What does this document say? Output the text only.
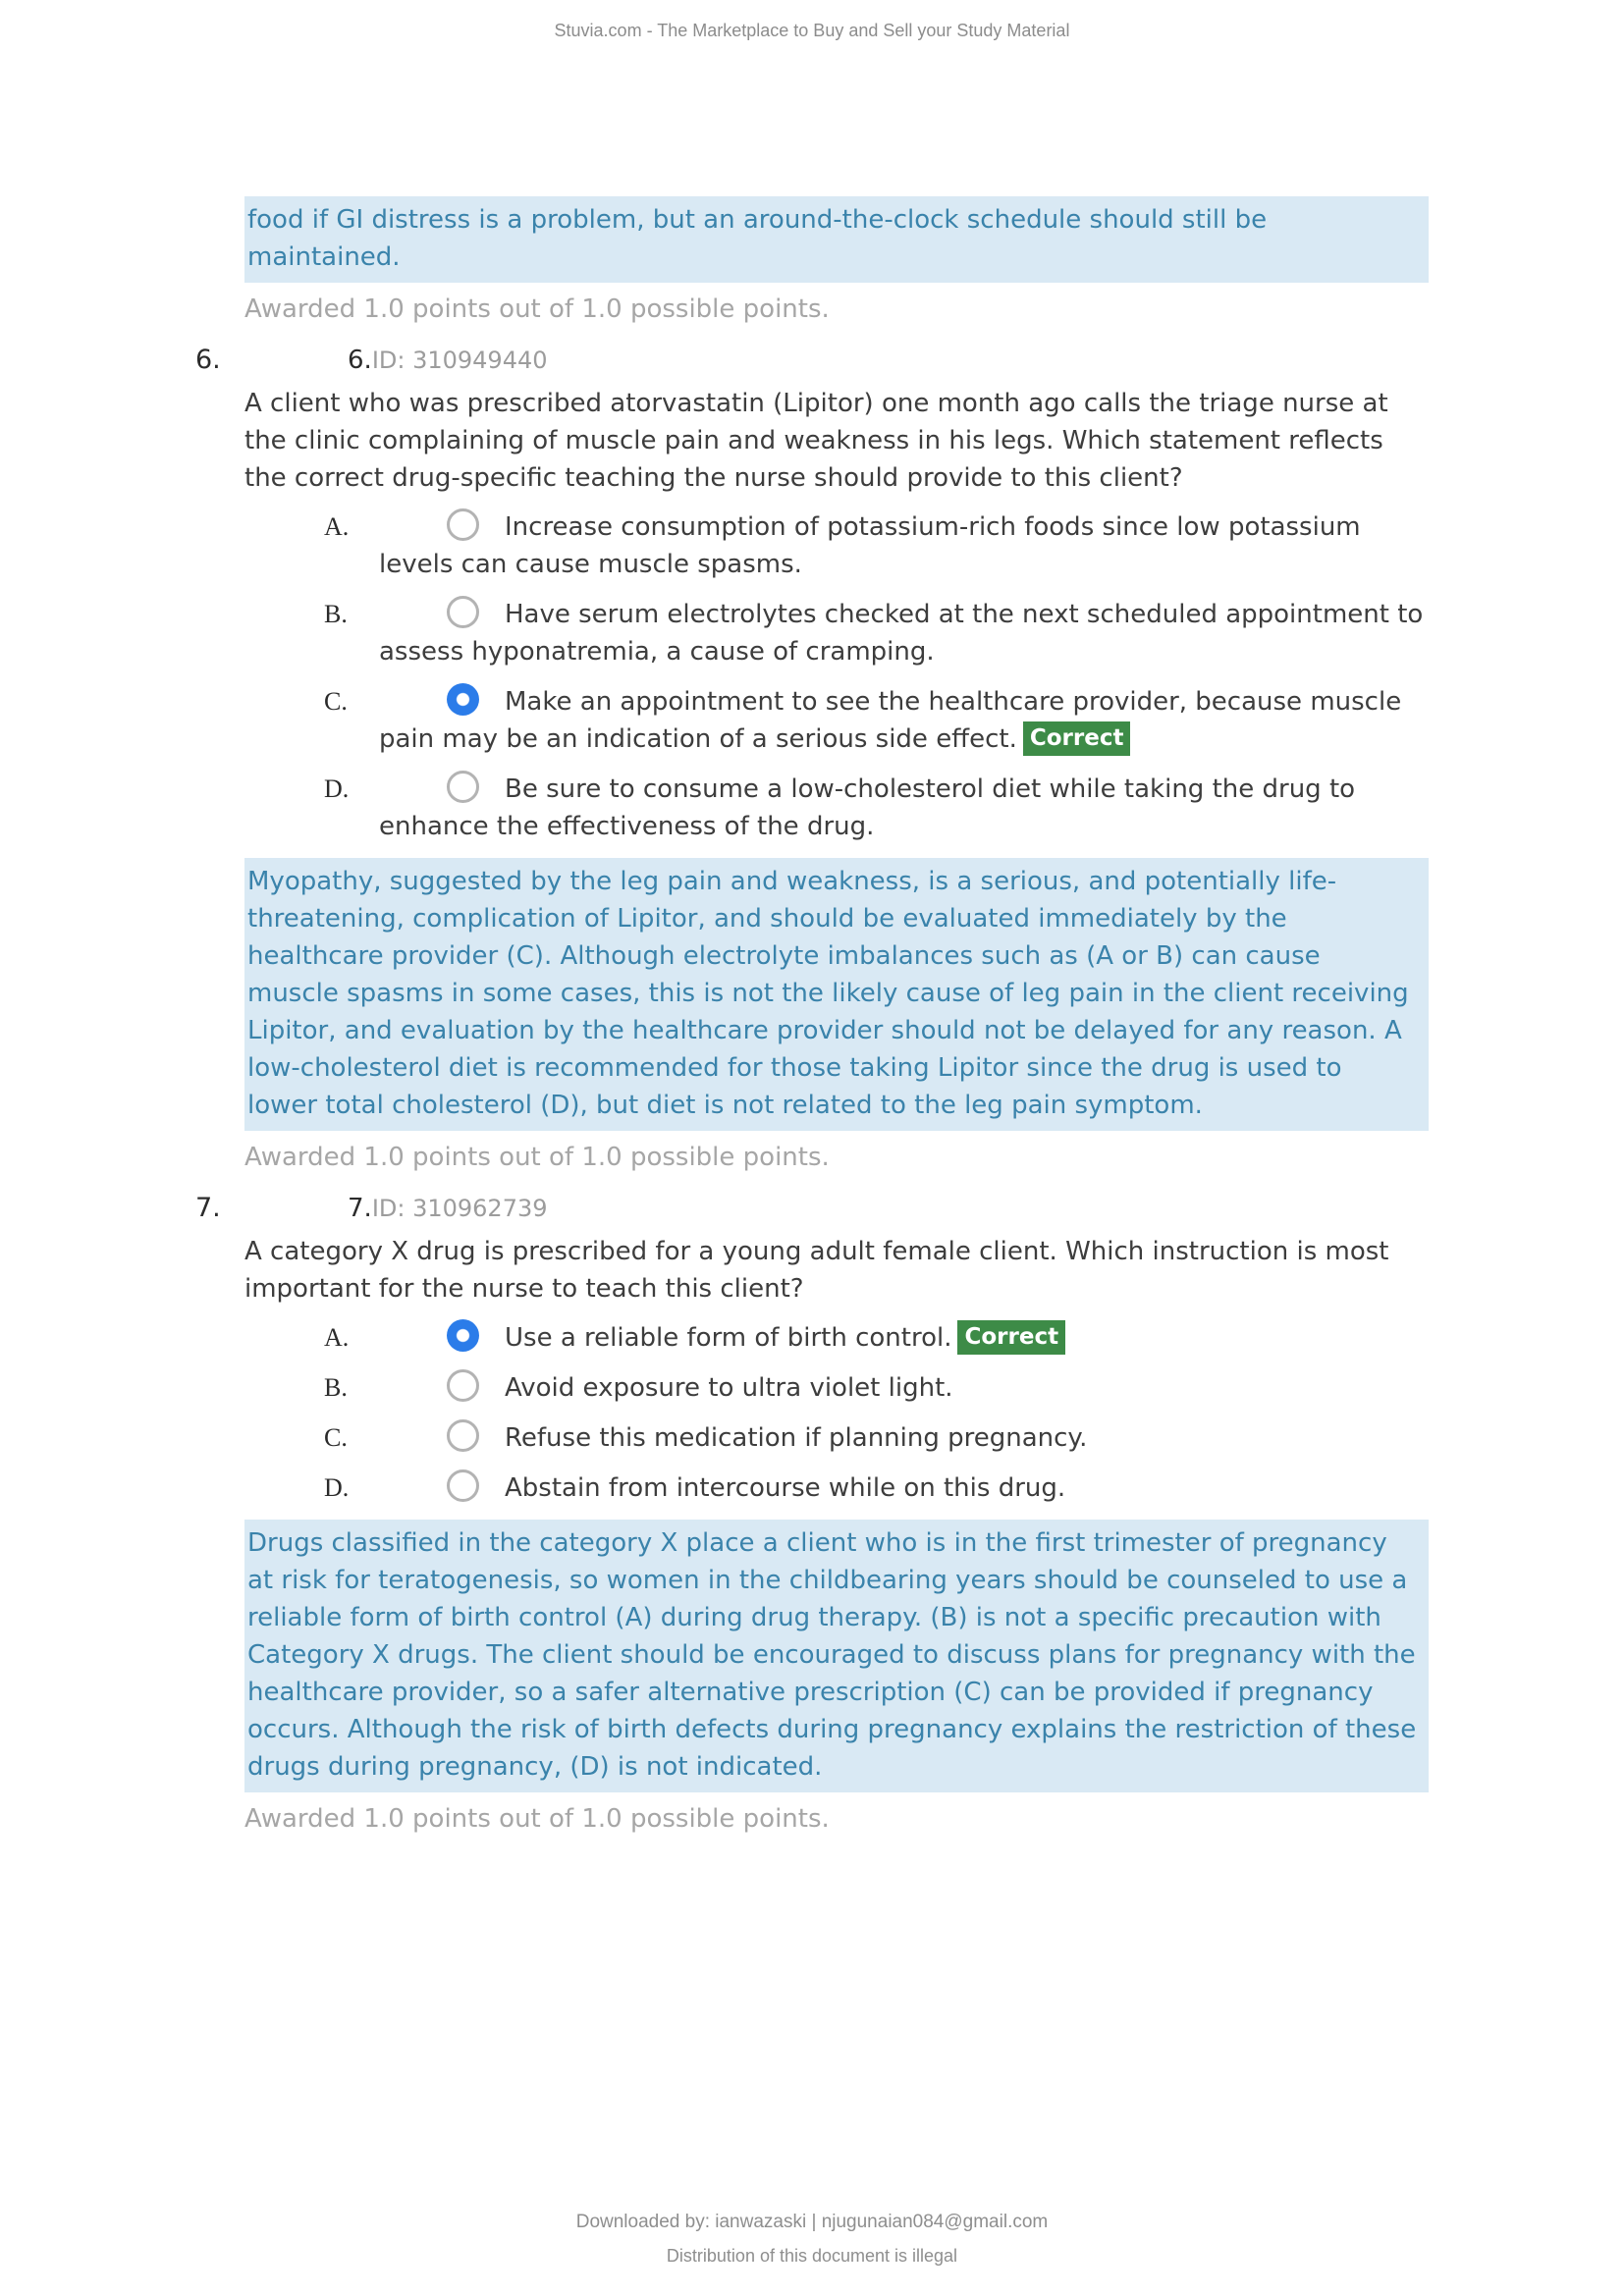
Stuvia.com - The Marketplace to Buy and Sell your Study Material
food if GI distress is a problem, but an around-the-clock schedule should still be maintained.
Awarded 1.0 points out of 1.0 possible points.
6.	6.ID: 310949440

A client who was prescribed atorvastatin (Lipitor) one month ago calls the triage nurse at the clinic complaining of muscle pain and weakness in his legs. Which statement reflects the correct drug-specific teaching the nurse should provide to this client?

A.	Increase consumption of potassium-rich foods since low potassium levels can cause muscle spasms.
B.	Have serum electrolytes checked at the next scheduled appointment to assess hyponatremia, a cause of cramping.
C.	Make an appointment to see the healthcare provider, because muscle pain may be an indication of a serious side effect. Correct
D.	Be sure to consume a low-cholesterol diet while taking the drug to enhance the effectiveness of the drug.
Myopathy, suggested by the leg pain and weakness, is a serious, and potentially life-threatening, complication of Lipitor, and should be evaluated immediately by the healthcare provider (C). Although electrolyte imbalances such as (A or B) can cause muscle spasms in some cases, this is not the likely cause of leg pain in the client receiving Lipitor, and evaluation by the healthcare provider should not be delayed for any reason. A low-cholesterol diet is recommended for those taking Lipitor since the drug is used to lower total cholesterol (D), but diet is not related to the leg pain symptom.
Awarded 1.0 points out of 1.0 possible points.
7.	7.ID: 310962739

A category X drug is prescribed for a young adult female client. Which instruction is most important for the nurse to teach this client?

A.	Use a reliable form of birth control. Correct
B.	Avoid exposure to ultra violet light.
C.	Refuse this medication if planning pregnancy.
D.	Abstain from intercourse while on this drug.
Drugs classified in the category X place a client who is in the first trimester of pregnancy at risk for teratogenesis, so women in the childbearing years should be counseled to use a reliable form of birth control (A) during drug therapy. (B) is not a specific precaution with Category X drugs. The client should be encouraged to discuss plans for pregnancy with the healthcare provider, so a safer alternative prescription (C) can be provided if pregnancy occurs. Although the risk of birth defects during pregnancy explains the restriction of these drugs during pregnancy, (D) is not indicated.
Awarded 1.0 points out of 1.0 possible points.
Downloaded by: ianwazaski | njugunaian084@gmail.com
Distribution of this document is illegal
